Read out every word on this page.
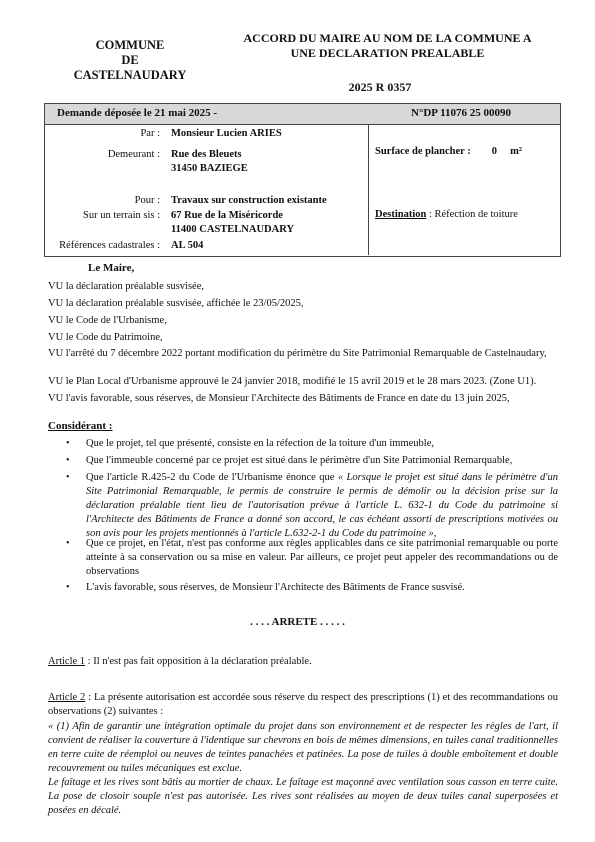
COMMUNE
DE
CASTELNAUDARY
ACCORD DU MAIRE AU NOM DE LA COMMUNE A
UNE DECLARATION PREALABLE
2025 R 0357
Demande déposée le 21 mai 2025 -	N°DP 11076 25 00090
Par : Monsieur Lucien ARIES
Demeurant : Rue des Bleuets
31450 BAZIEGE
Pour : Travaux sur construction existante
Sur un terrain sis : 67 Rue de la Miséricorde
11400 CASTELNAUDARY
Références cadastrales : AL 504
Surface de plancher :        0     m²
Destination : Réfection de toiture
Le Maire,
VU la déclaration préalable susvisée,
VU la déclaration préalable susvisée, affichée le 23/05/2025,
VU le Code de l'Urbanisme,
VU le Code du Patrimoine,
VU l'arrêté du 7 décembre 2022 portant modification du périmètre du Site Patrimonial Remarquable de Castelnaudary,
VU le Plan Local d'Urbanisme approuvé le 24 janvier 2018, modifié le 15 avril 2019 et le 28 mars 2023. (Zone U1).
VU l'avis favorable, sous réserves, de Monsieur l'Architecte des Bâtiments de France en date du 13 juin 2025,
Considérant :
•	Que le projet, tel que présenté, consiste en la réfection de la toiture d'un immeuble,
•	Que l'immeuble concerné par ce projet est situé dans le périmètre d'un Site Patrimonial Remarquable,
•	Que l'article R.425-2 du Code de l'Urbanisme énonce que « Lorsque le projet est situé dans le périmètre d'un Site Patrimonial Remarquable, le permis de construire le permis de démolir ou la décision prise sur la déclaration préalable tient lieu de l'autorisation prévue à l'article L. 632-1 du Code du patrimoine si l'Architecte des Bâtiments de France a donné son accord, le cas échéant assorti de prescriptions motivées ou son avis pour les projets mentionnés à l'article L.632-2-1 du Code du patrimoine »,
•	Que ce projet, en l'état, n'est pas conforme aux règles applicables dans ce site patrimonial remarquable ou porte atteinte à sa conservation ou sa mise en valeur. Par ailleurs, ce projet peut appeler des recommandations ou de observations
•	L'avis favorable, sous réserves, de Monsieur l'Architecte des Bâtiments de France susvisé.
. . . . ARRETE . . . . .
Article 1 : Il n'est pas fait opposition à la déclaration préalable.
Article 2 : La présente autorisation est accordée sous réserve du respect des prescriptions (1) et des recommandations ou observations (2) suivantes :
« (1) Afin de garantir une intégration optimale du projet dans son environnement et de respecter les règles de l'art, il convient de réaliser la couverture à l'identique sur chevrons en bois de mêmes dimensions, en tuiles canal traditionnelles en terre cuite de réemploi ou neuves de teintes panachées et patinées. La pose de tuiles à double emboîtement et double recouvrement ou tuiles mécaniques est exclue.
Le faîtage et les rives sont bâtis au mortier de chaux. Le faîtage est maçonné avec ventilation sous casson en terre cuite. La pose de closoir souple n'est pas autorisée. Les rives sont réalisées au moyen de deux tuiles canal superposées et posées en décalé.
